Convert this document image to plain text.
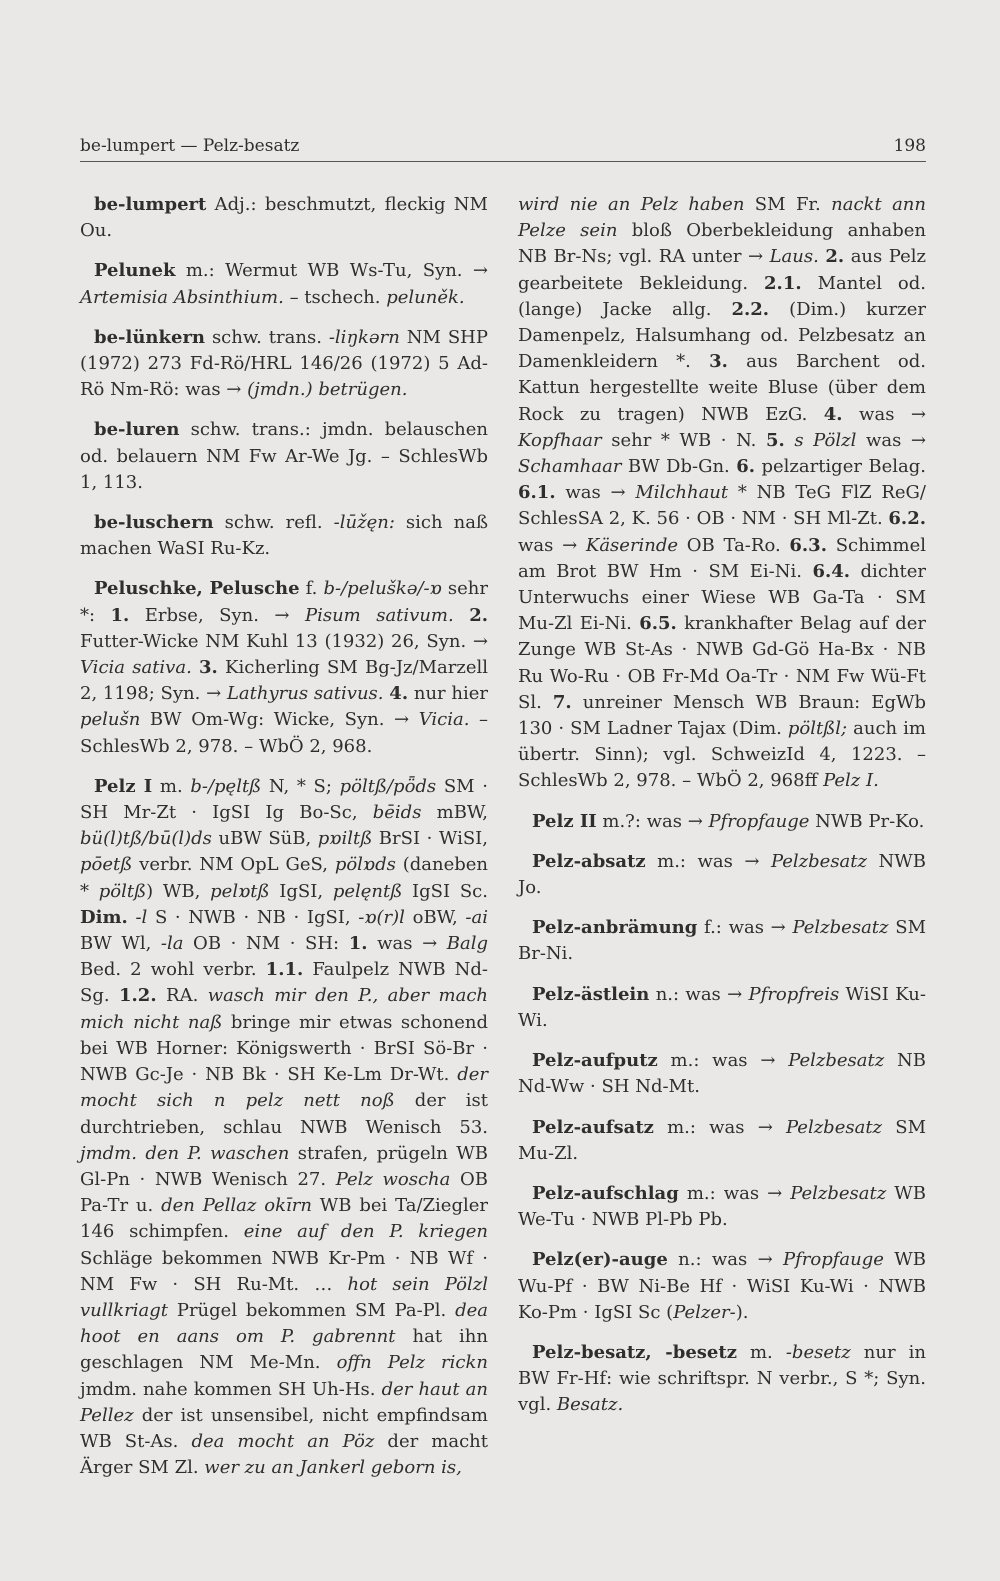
be-lumpert — Pelz-besatz	198

be-lumpert Adj.: beschmutzt, fleckig NM Ou.

Pelunek m.: Wermut WB Ws-Tu, Syn. → Artemisia Absinthium. – tschech. peluněk.

be-lünkern schw. trans. -liŋkərn NM SHP (1972) 273 Fd-Rö/HRL 146/26 (1972) 5 Ad-Rö Nm-Rö: was → (jmdn.) betrügen.

be-luren schw. trans.: jmdn. belauschen od. belauern NM Fw Ar-We Jg. – SchlesWb 1, 113.

be-luschern schw. refl. -lūžęn: sich naß machen WaSI Ru-Kz.

Peluschke, Pelusche f. b-/peluškə/-ɒ sehr *: 1. Erbse, Syn. → Pisum sativum. 2. Futter-Wicke NM Kuhl 13 (1932) 26, Syn. → Vicia sativa. 3. Kicherling SM Bg-Jz/Marzell 2, 1198; Syn. → Lathyrus sativus. 4. nur hier pelušn BW Om-Wg: Wicke, Syn. → Vicia. – SchlesWb 2, 978. – WbÖ 2, 968.

Pelz I m. b-/pęltß N, * S; pöltß/pȫds SM · SH Mr-Zt · IgSI Ig Bo-Sc, bēids mBW, bü(l)tß/bū(l)ds uBW SüB, pɒiltß BrSI · WiSI, pōetß verbr. NM OpL GeS, pölɒds (daneben * pöltß) WB, pelɒtß IgSI, pelęntß IgSI Sc. Dim. -l S · NWB · NB · IgSI, -ɒ(r)l oBW, -ai BW Wl, -la OB · NM · SH: 1. was → Balg Bed. 2 wohl verbr. 1.1. Faulpelz NWB Nd-Sg. 1.2. RA. wasch mir den P., aber mach mich nicht naß bringe mir etwas schonend bei WB Horner: Königswerth · BrSI Sö-Br · NWB Gc-Je · NB Bk · SH Ke-Lm Dr-Wt. der mocht sich n pelz nett noß der ist durchtrieben, schlau NWB Wenisch 53. jmdm. den P. waschen strafen, prügeln WB Gl-Pn · NWB Wenisch 27. Pelz woscha OB Pa-Tr u. den Pellaz okīrn WB bei Ta/Ziegler 146 schimpfen. eine auf den P. kriegen Schläge bekommen NWB Kr-Pm · NB Wf · NM Fw · SH Ru-Mt. … hot sein Pölzl vullkriagt Prügel bekommen SM Pa-Pl. dea hoot en aans om P. gabrennt hat ihn geschlagen NM Me-Mn. offn Pelz rickn jmdm. nahe kommen SH Uh-Hs. der haut an Pellez der ist unsensibel, nicht empfindsam WB St-As. dea mocht an Pöz der macht Ärger SM Zl. wer zu an Jankerl geborn is,

wird nie an Pelz haben SM Fr. nackt ann Pelze sein bloß Oberbekleidung anhaben NB Br-Ns; vgl. RA unter → Laus. 2. aus Pelz gearbeitete Bekleidung. 2.1. Mantel od. (lange) Jacke allg. 2.2. (Dim.) kurzer Damenpelz, Halsumhang od. Pelzbesatz an Damenkleidern *. 3. aus Barchent od. Kattun hergestellte weite Bluse (über dem Rock zu tragen) NWB EzG. 4. was → Kopfhaar sehr * WB · N. 5. s Pölzl was → Schamhaar BW Db-Gn. 6. pelzartiger Belag. 6.1. was → Milchhaut * NB TeG FlZ ReG/ SchlesSA 2, K. 56 · OB · NM · SH Ml-Zt. 6.2. was → Käserinde OB Ta-Ro. 6.3. Schimmel am Brot BW Hm · SM Ei-Ni. 6.4. dichter Unterwuchs einer Wiese WB Ga-Ta · SM Mu-Zl Ei-Ni. 6.5. krankhafter Belag auf der Zunge WB St-As · NWB Gd-Gö Ha-Bx · NB Ru Wo-Ru · OB Fr-Md Oa-Tr · NM Fw Wü-Ft Sl. 7. unreiner Mensch WB Braun: EgWb 130 · SM Ladner Tajax (Dim. pöltßl; auch im übertr. Sinn); vgl. SchweizId 4, 1223. – SchlesWb 2, 978. – WbÖ 2, 968ff Pelz I.

Pelz II m.?: was → Pfropfauge NWB Pr-Ko.

Pelz-absatz m.: was → Pelzbesatz NWB Jo.

Pelz-anbrämung f.: was → Pelzbesatz SM Br-Ni.

Pelz-ästlein n.: was → Pfropfreis WiSI Ku-Wi.

Pelz-aufputz m.: was → Pelzbesatz NB Nd-Ww · SH Nd-Mt.

Pelz-aufsatz m.: was → Pelzbesatz SM Mu-Zl.

Pelz-aufschlag m.: was → Pelzbesatz WB We-Tu · NWB Pl-Pb Pb.

Pelz(er)-auge n.: was → Pfropfauge WB Wu-Pf · BW Ni-Be Hf · WiSI Ku-Wi · NWB Ko-Pm · IgSI Sc (Pelzer-).

Pelz-besatz, -besetz m. -besetz nur in BW Fr-Hf: wie schriftspr. N verbr., S *; Syn. vgl. Besatz.
